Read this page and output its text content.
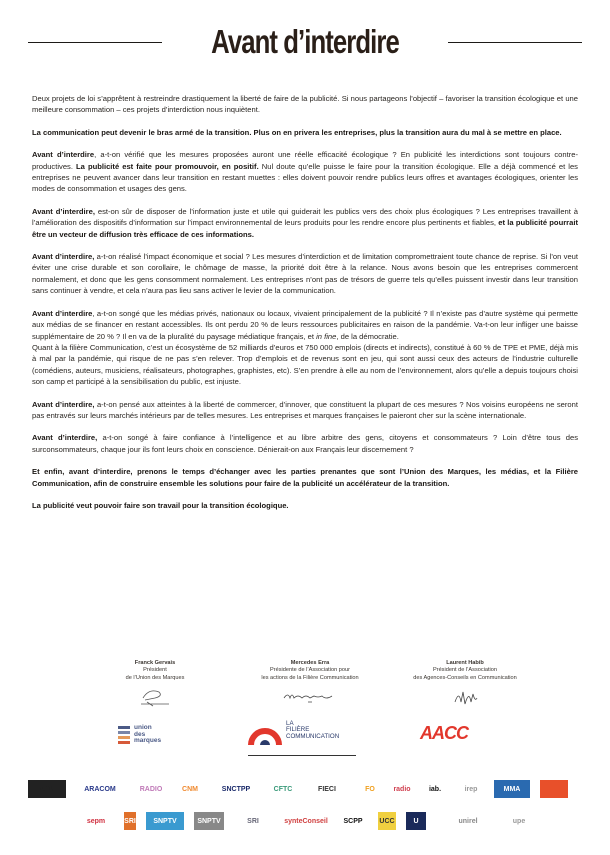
Avant d’interdire

Deux projets de loi s’apprêtent à restreindre drastiquement la liberté de faire de la publicité. Si nous partageons l’objectif – favoriser la transition écologique et une meilleure consommation – ces projets d’interdiction nous inquiètent.

La communication peut devenir le bras armé de la transition. Plus on en privera les entreprises, plus la transition aura du mal à se mettre en place.

Avant d’interdire, a-t-on vérifié que les mesures proposées auront une réelle efficacité écologique ? En publicité les interdictions sont toujours contre-productives. La publicité est faite pour promouvoir, en positif. Nul doute qu’elle puisse le faire pour la transition écologique. Elle a déjà commencé et les entreprises ne peuvent avancer dans leur transition en restant muettes : elles doivent pouvoir rendre publics leurs offres et avantages écologiques, orienter les modes de consommation et usages des gens.

Avant d’interdire, est-on sûr de disposer de l’information juste et utile qui guiderait les publics vers des choix plus écologiques ? Les entreprises travaillent à l’amélioration des dispositifs d’information sur l’impact environnemental de leurs produits pour les rendre encore plus pertinents et fiables, et la publicité pourrait être un vecteur de diffusion très efficace de ces informations.

Avant d’interdire, a-t-on réalisé l’impact économique et social ? Les mesures d’interdiction et de limitation compromettraient toute chance de reprise. Si l’on veut éviter une crise durable et son corollaire, le chômage de masse, la priorité doit être à la relance. Nous avons besoin que les entreprises commercent normalement, et donc que les gens consomment normalement. Les entreprises n’ont pas de trésors de guerre tels qu’elles puissent investir dans leur transition sans continuer à vendre, et cela n’aura pas lieu sans activer le levier de la communication.

Avant d’interdire, a-t-on songé que les médias privés, nationaux ou locaux, vivaient principalement de la publicité ? Il n’existe pas d’autre système qui permette aux médias de se financer en restant accessibles. Ils ont perdu 20 % de leurs ressources publicitaires en raison de la pandémie. Va-t-on leur infliger une baisse supplémentaire de 20 % ? Il en va de la pluralité du paysage médiatique français, et in fine, de la démocratie.
Quant à la filière Communication, c’est un écosystème de 52 milliards d’euros et 750 000 emplois (directs et indirects), constitué à 60 % de TPE et PME, déjà mis à mal par la pandémie, qui risque de ne pas s’en relever. Trop d’emplois et de revenus sont en jeu, qui sont aussi ceux des acteurs de l’industrie culturelle (comédiens, auteurs, musiciens, réalisateurs, photographes, graphistes, etc). S’en prendre à elle au nom de l’environnement, alors qu’elle a depuis toujours choisi son camp et participé à la sensibilisation du public, est injuste.

Avant d’interdire, a-t-on pensé aux atteintes à la liberté de commercer, d’innover, que constituent la plupart de ces mesures ? Nos voisins européens ne seront pas entravés sur leurs marchés intérieurs par de telles mesures. Les entreprises et marques françaises le paieront cher sur la scène internationale.

Avant d’interdire, a-t-on songé à faire confiance à l’intelligence et au libre arbitre des gens, citoyens et consommateurs ? Loin d’être tous des surconsommateurs, chaque jour ils font leurs choix en conscience. Dénierait-on aux Français leur discernement ?

Et enfin, avant d’interdire, prenons le temps d’échanger avec les parties prenantes que sont l’Union des Marques, les médias, et la Filière Communication, afin de construire ensemble les solutions pour faire de la publicité un accélérateur de la transition.

La publicité veut pouvoir faire son travail pour la transition écologique.

Franck Gervais
Président
de l’Union des Marques
Mercedes Erra
Présidente de l’Association pour
les actions de la Filière Communication
Laurent Habib
Président de l’Association
des Agences-Conseils en Communication
union
des
marques
LA
FILIÈRE
COMMUNICATION	AACC
ADN	ARACOM	RADIO	CNM	SNCTPP	CFTC	FIECI	FO	radio	iab.	irep	MMA
sepm	SRI	SNPTV	SNPTV	SRI	synteConseil	SCPP	UCC	U	unirel	upe
